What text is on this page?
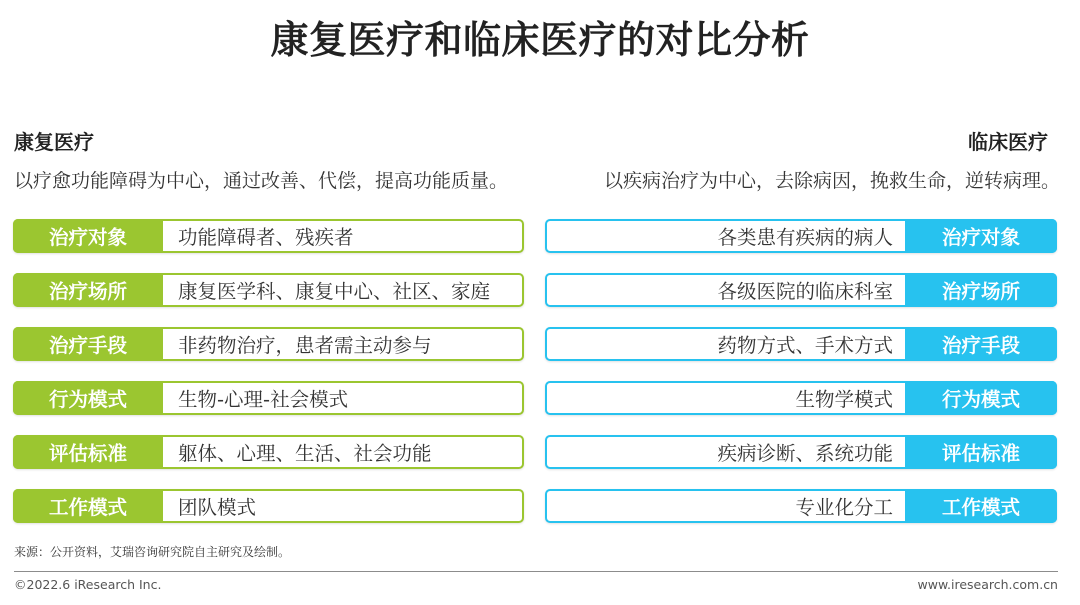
康复医疗和临床医疗的对比分析
康复医疗
以疗愈功能障碍为中心，通过改善、代偿，提高功能质量。
临床医疗
以疾病治疗为中心，去除病因，挽救生命，逆转病理。
治疗对象	功能障碍者、残疾者
治疗场所	康复医学科、康复中心、社区、家庭
治疗手段	非药物治疗，患者需主动参与
行为模式	生物-心理-社会模式
评估标准	躯体、心理、生活、社会功能
工作模式	团队模式
各类患有疾病的病人	治疗对象
各级医院的临床科室	治疗场所
药物方式、手术方式	治疗手段
生物学模式	行为模式
疾病诊断、系统功能	评估标准
专业化分工	工作模式
来源：公开资料，艾瑞咨询研究院自主研究及绘制。
©2022.6 iResearch Inc.	www.iresearch.com.cn
